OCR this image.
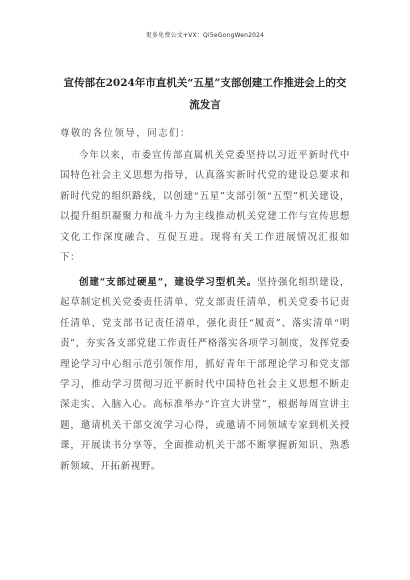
更多免费公文+VX：Qi5eGongWen2024
宣传部在2024年市直机关“五星”支部创建工作推进会上的交流发言
尊敬的各位领导，同志们：

今年以来，市委宣传部直属机关党委坚持以习近平新时代中国特色社会主义思想为指导，认真落实新时代党的建设总要求和新时代党的组织路线，以创建“五星”支部引领“五型”机关建设，以提升组织凝聚力和战斗力为主线推动机关党建工作与宣传思想文化工作深度融合、互促互进。现将有关工作进展情况汇报如下：

创建“支部过硬星”，建设学习型机关。坚持强化组织建设，起草制定机关党委责任清单、党支部责任清单，机关党委书记责任清单、党支部书记责任清单，强化责任“履责”、落实清单“明责”，夯实各支部党建工作责任严格落实各项学习制度，发挥党委理论学习中心组示范引领作用，抓好青年干部理论学习和党支部学习，推动学习贯彻习近平新时代中国特色社会主义思想不断走深走实、入脑入心。高标准举办“许宣大讲堂”，根据每周宣讲主题，邀请机关干部交流学习心得，或邀请不同领域专家到机关授课，开展读书分享等，全面推动机关干部不断掌握新知识、熟悉新领域、开拓新视野。
